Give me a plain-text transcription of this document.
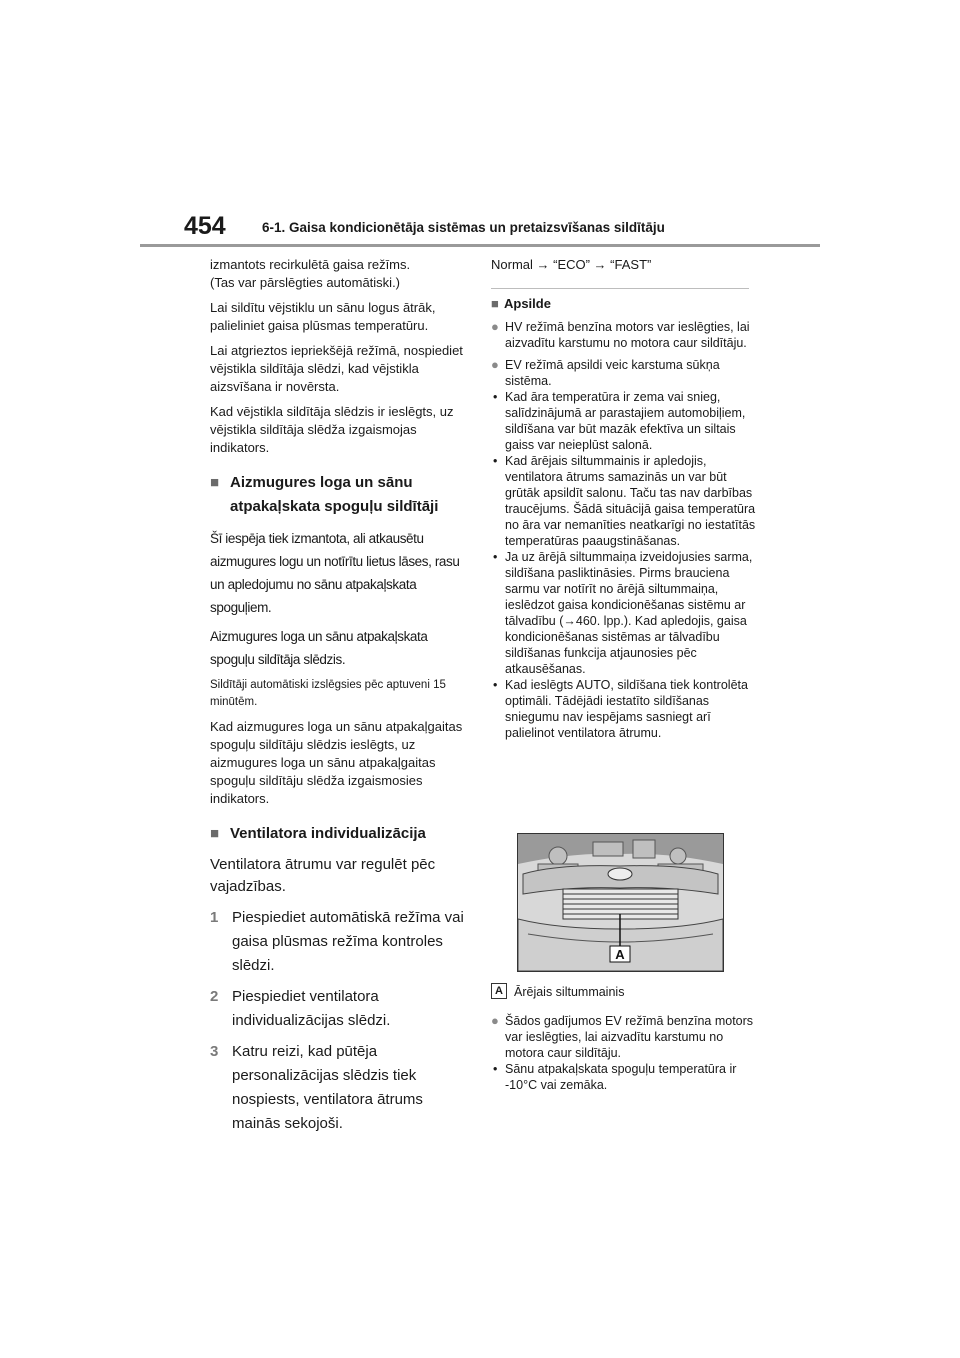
454	6-1. Gaisa kondicionētāja sistēmas un pretaizsvīšanas sildītāju

izmantots recirkulētā gaisa režīms.
(Tas var pārslēgties automātiski.)

Lai sildītu vējstiklu un sānu logus ātrāk, palieliniet gaisa plūsmas temperatūru.

Lai atgrieztos iepriekšējā režīmā, nospiediet vējstikla sildītāja slēdzi, kad vējstikla aizsvīšana ir novērsta.

Kad vējstikla sildītāja slēdzis ir ieslēgts, uz vējstikla sildītāja slēdža izgaismojas indikators.

■ Aizmugures loga un sānu atpakaļskata spoguļu sildītāji

Šī iespēja tiek izmantota, ali atkausētu aizmugures logu un notīrītu lietus lāses, rasu un apledojumu no sānu atpakaļskata spoguļiem.

Aizmugures loga un sānu atpakaļskata spoguļu sildītāja slēdzis.

Sildītāji automātiski izslēgsies pēc aptuveni 15 minūtēm.

Kad aizmugures loga un sānu atpakaļgaitas spoguļu sildītāju slēdzis ieslēgts, uz aizmugures loga un sānu atpakaļgaitas spoguļu sildītāju slēdža izgaismosies indikators.

■ Ventilatora individualizācija

Ventilatora ātrumu var regulēt pēc vajadzības.

1 Piespiediet automātiskā režīma vai gaisa plūsmas režīma kontroles slēdzi.
2 Piespiediet ventilatora individualizācijas slēdzi.
3 Katru reizi, kad pūtēja personalizācijas slēdzis tiek nospiests, ventilatora ātrums mainās sekojoši.

Normal → “ECO” → “FAST”

■ Apsilde
● HV režīmā benzīna motors var ieslēgties, lai aizvadītu karstumu no motora caur sildītāju.
● EV režīmā apsildi veic karstuma sūkņa sistēma.
• Kad āra temperatūra ir zema vai snieg, salīdzinājumā ar parastajiem automobiļiem, sildīšana var būt mazāk efektīva un siltais gaiss var neieplūst salonā.
• Kad ārējais siltummainis ir apledojis, ventilatora ātrums samazinās un var būt grūtāk apsildīt salonu. Taču tas nav darbības traucējums. Šādā situācijā gaisa temperatūra no āra var nemanīties neatkarīgi no iestatītās temperatūras paaugstināšanas.
• Ja uz ārējā siltummaiņa izveidojusies sarma, sildīšana pasliktināsies. Pirms brauciena sarmu var notīrīt no ārējā siltummaiņa, ieslēdzot gaisa kondicionēšanas sistēmu ar tālvadību (→460. lpp.). Kad apledojis, gaisa kondicionēšanas sistēmas ar tālvadību sildīšanas funkcija atjaunosies pēc atkausēšanas.
• Kad ieslēgts AUTO, sildīšana tiek kontrolēta optimāli. Tādējādi iestatīto sildīšanas sniegumu nav iespējams sasniegt arī palielinot ventilatora ātrumu.
A
A Ārējais siltummainis
● Šādos gadījumos EV režīmā benzīna motors var ieslēgties, lai aizvadītu karstumu no motora caur sildītāju.
• Sānu atpakaļskata spoguļu temperatūra ir -10°C vai zemāka.
